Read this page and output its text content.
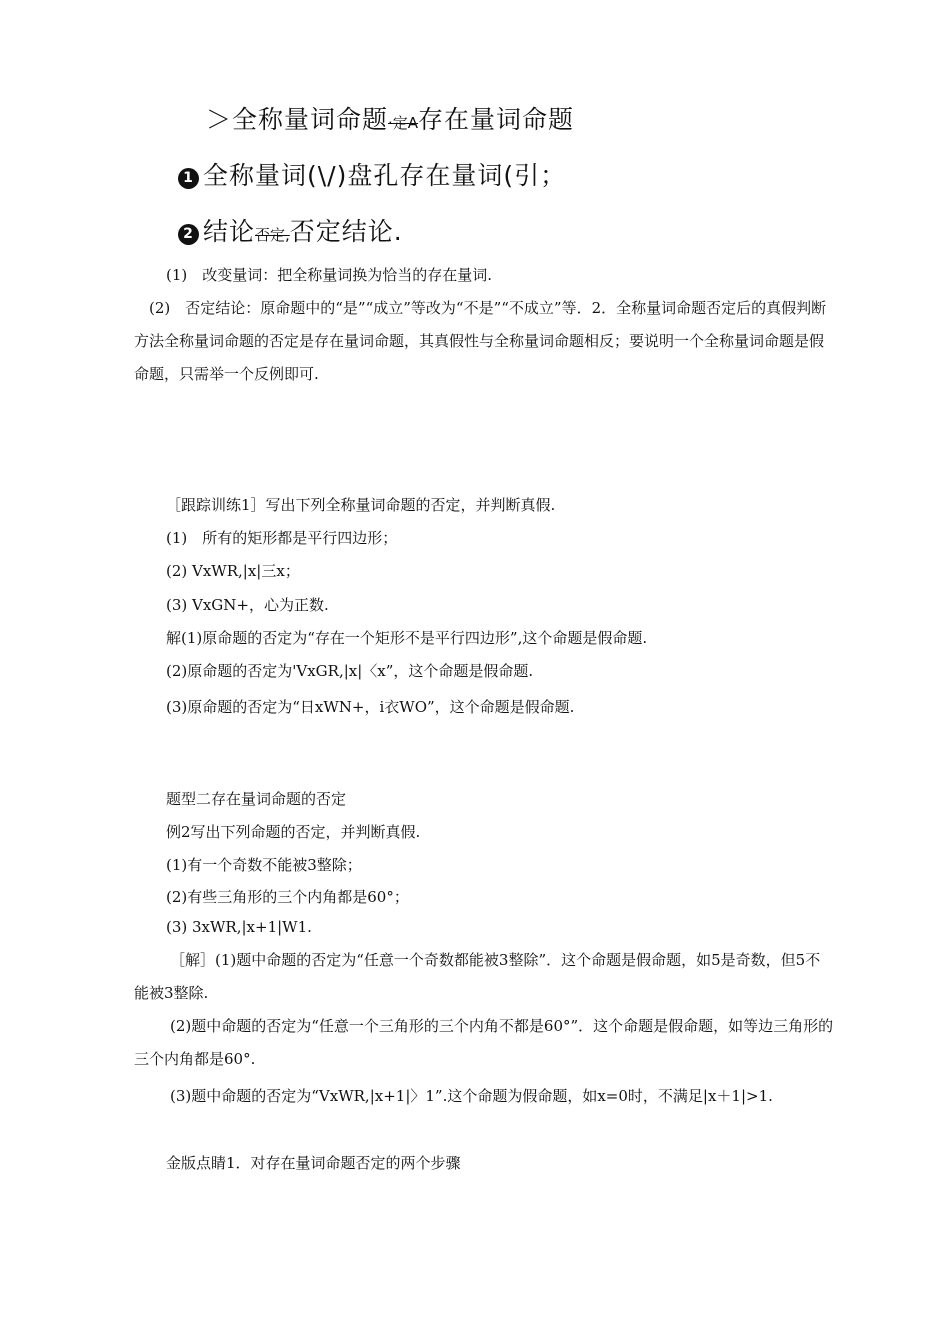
＞全称量词命题·定A存在量词命题
1 全称量词(\/)盘孔存在量词(引；
2 结论否定,否定结论.
(1)　改变量词：把全称量词换为恰当的存在量词.
　(2)　否定结论：原命题中的“是”“成立”等改为“不是”“不成立”等．2．全称量词命题否定后的真假判断方法全称量词命题的否定是存在量词命题，其真假性与全称量词命题相反；要说明一个全称量词命题是假命题，只需举一个反例即可.
［跟踪训练1］写出下列全称量词命题的否定，并判断真假.
(1)　所有的矩形都是平行四边形；
(2) VxWR,|x|三x；
(3) VxGN+，心为正数.
解(1)原命题的否定为“存在一个矩形不是平行四边形”,这个命题是假命题.
(2)原命题的否定为'VxGR,|x|〈x”，这个命题是假命题.
(3)原命题的否定为“日xWN+，i衣WO”，这个命题是假命题.
题型二存在量词命题的否定
例2写出下列命题的否定，并判断真假.
(1)有一个奇数不能被3整除；
(2)有些三角形的三个内角都是60°；
(3) 3xWR,|x+1|W1.
［解］(1)题中命题的否定为“任意一个奇数都能被3整除”．这个命题是假命题，如5是奇数，但5不能被3整除.
(2)题中命题的否定为“任意一个三角形的三个内角不都是60°”．这个命题是假命题，如等边三角形的三个内角都是60°.
(3)题中命题的否定为“VxWR,|x+1|〉1”.这个命题为假命题，如x=0时，不满足|x＋1|>1.
金版点睛1．对存在量词命题否定的两个步骤
